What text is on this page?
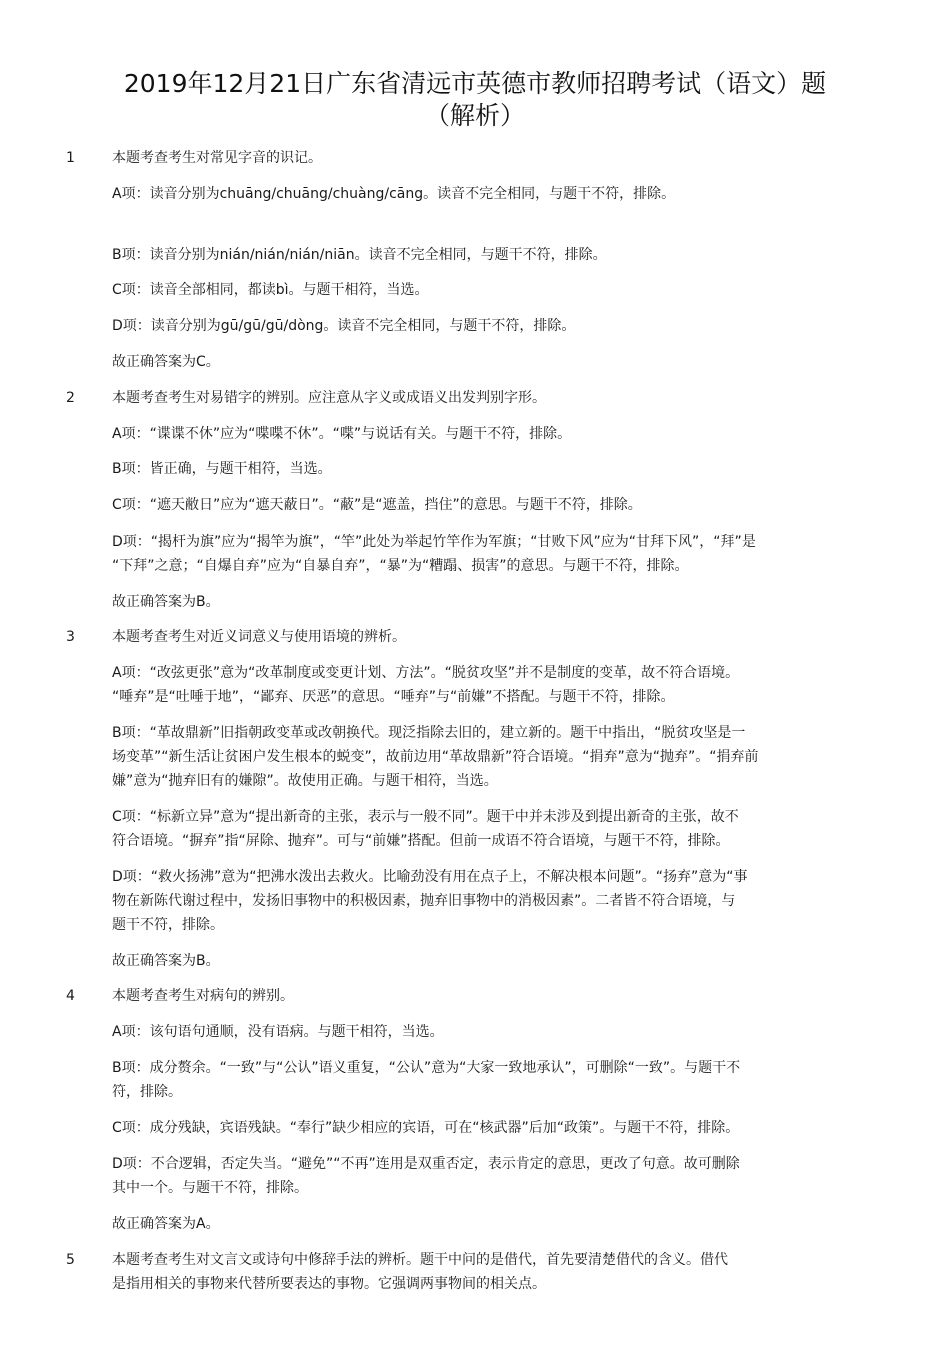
2019年12月21日广东省清远市英德市教师招聘考试（语文）题
（解析）
1	本题考查考生对常见字音的识记。
A项：读音分别为chuāng/chuāng/chuàng/cāng。读音不完全相同，与题干不符，排除。
B项：读音分别为nián/nián/nián/niān。读音不完全相同，与题干不符，排除。
C项：读音全部相同，都读bì。与题干相符，当选。
D项：读音分别为gū/gū/gū/dòng。读音不完全相同，与题干不符，排除。
故正确答案为C。
2	本题考查考生对易错字的辨别。应注意从字义或成语义出发判别字形。
A项：“谍谍不休”应为“喋喋不休”。“喋”与说话有关。与题干不符，排除。
B项：皆正确，与题干相符，当选。
C项：“遮天敝日”应为“遮天蔽日”。“蔽”是“遮盖，挡住”的意思。与题干不符，排除。
D项：“揭杆为旗”应为“揭竿为旗”，“竿”此处为举起竹竿作为军旗；“甘败下风”应为“甘拜下风”，“拜”是
“下拜”之意；“自爆自弃”应为“自暴自弃”，“暴”为“糟蹋、损害”的意思。与题干不符，排除。
故正确答案为B。
3	本题考查考生对近义词意义与使用语境的辨析。
A项：“改弦更张”意为“改革制度或变更计划、方法”。“脱贫攻坚”并不是制度的变革，故不符合语境。
“唾弃”是“吐唾于地”，“鄙弃、厌恶”的意思。“唾弃”与“前嫌”不搭配。与题干不符，排除。
B项：“革故鼎新”旧指朝政变革或改朝换代。现泛指除去旧的，建立新的。题干中指出，“脱贫攻坚是一
场变革”“新生活让贫困户发生根本的蜕变”，故前边用“革故鼎新”符合语境。“捐弃”意为“抛弃”。“捐弃前
嫌”意为“抛弃旧有的嫌隙”。故使用正确。与题干相符，当选。
C项：“标新立异”意为“提出新奇的主张，表示与一般不同”。题干中并未涉及到提出新奇的主张，故不
符合语境。“摒弃”指“屏除、抛弃”。可与“前嫌”搭配。但前一成语不符合语境，与题干不符，排除。
D项：“救火扬沸”意为“把沸水泼出去救火。比喻劲没有用在点子上，不解决根本问题”。“扬弃”意为“事
物在新陈代谢过程中，发扬旧事物中的积极因素，抛弃旧事物中的消极因素”。二者皆不符合语境，与
题干不符，排除。
故正确答案为B。
4	本题考查考生对病句的辨别。
A项：该句语句通顺，没有语病。与题干相符，当选。
B项：成分赘余。“一致”与“公认”语义重复，“公认”意为“大家一致地承认”，可删除“一致”。与题干不
符，排除。
C项：成分残缺，宾语残缺。“奉行”缺少相应的宾语，可在“核武器”后加“政策”。与题干不符，排除。
D项：不合逻辑，否定失当。“避免”“不再”连用是双重否定，表示肯定的意思，更改了句意。故可删除
其中一个。与题干不符，排除。
故正确答案为A。
5	本题考查考生对文言文或诗句中修辞手法的辨析。题干中问的是借代，首先要清楚借代的含义。借代
是指用相关的事物来代替所要表达的事物。它强调两事物间的相关点。
